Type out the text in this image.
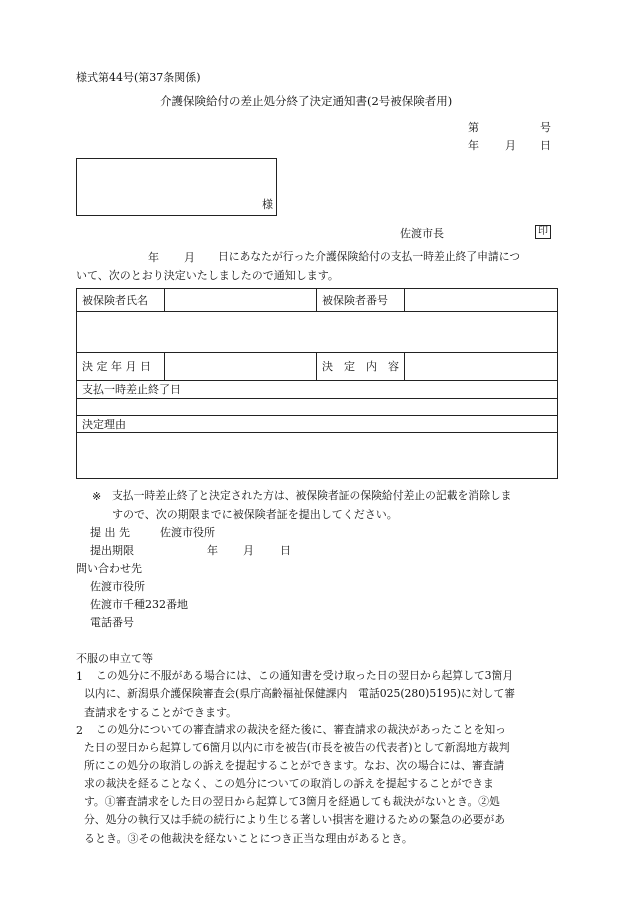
様式第44号(第37条関係)
介護保険給付の差止処分終了決定通知書(2号被保険者用)
第	号
年 月 日
様
佐渡市長	印
年 月 日にあなたが行った介護保険給付の支払一時差止終了申請につ
いて、次のとおり決定いたしましたので通知します。
被保険者氏名		被保険者番号	

決 定 年 月 日		決　定　内　容	
支払一時差止終了日			

決定理由			

※ 支払一時差止終了と決定された方は、被保険者証の保険給付差止の記載を消除しま
すので、次の期限までに被保険者証を提出してください。
提 出 先	佐渡市役所
提出期限	年 月 日
問い合わせ先
佐渡市役所
佐渡市千種232番地
電話番号
不服の申立て等
1 この処分に不服がある場合には、この通知書を受け取った日の翌日から起算して3箇月
以内に、新潟県介護保険審査会(県庁高齢福祉保健課内　電話025(280)5195)に対して審
査請求をすることができます。
2 この処分についての審査請求の裁決を経た後に、審査請求の裁決があったことを知っ
た日の翌日から起算して6箇月以内に市を被告(市長を被告の代表者)として新潟地方裁判
所にこの処分の取消しの訴えを提起することができます。なお、次の場合には、審査請
求の裁決を経ることなく、この処分についての取消しの訴えを提起することができま
す。①審査請求をした日の翌日から起算して3箇月を経過しても裁決がないとき。②処
分、処分の執行又は手続の続行により生じる著しい損害を避けるための緊急の必要があ
るとき。③その他裁決を経ないことにつき正当な理由があるとき。
